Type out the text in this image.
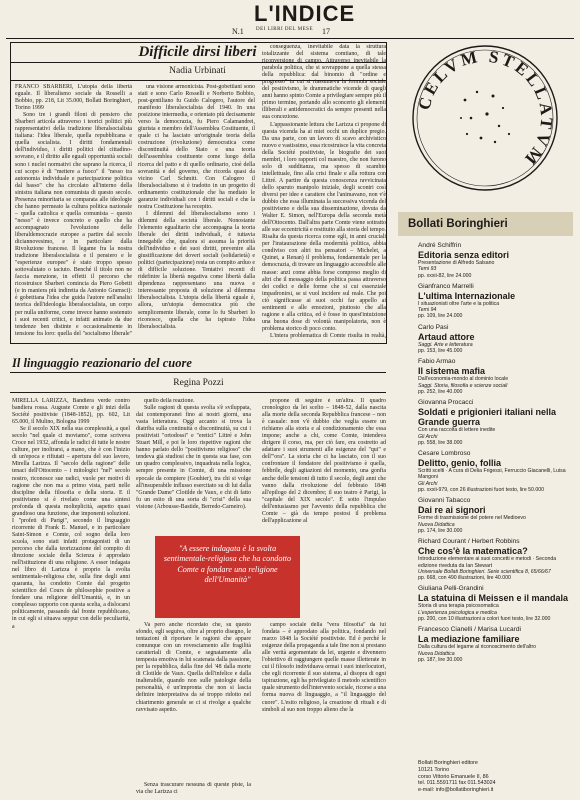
N.1
L'INDICE
DEI LIBRI DEL MESE 17
Difficile dirsi liberi
Nadia Urbinati

FRANCO SBARBERI, L'utopia della libertà eguale. Il liberalismo sociale da Rosselli a Bobbio, pp. 218, Lit 35.000, Bollati Boringhieri, Torino 1999

Sono tre i grandi filoni di pensiero che Sbarberi articola attraverso i teorici politici più rappresentativi della tradizione liberalsocialista italiana: l'idea liberale, quella repubblicana e quella socialista. I diritti fondamentali dell'individuo, i diritti politici del cittadino-sovrano, e il diritto alle eguali opportunità sociali sono i nuclei normativi che saprano la ricerca, il cui scopo è di "mettere a fuoco" il "nesso tra autonomia individuale e partecipazione politica dal basso" che ha circolato all'interno della sinistra italiana non comunista di questo secolo. Presenza minoritaria se comparata alle ideologie che hanno permeato la cultura politica nazionale – quella cattolica e quella comunista – questo "nesso" è invece concreto e quello che ha accompagnato l'evoluzione delle liberaldemocrazie europee a partire dal secolo diciannovesimo, e in particolare dalla Rivoluzione francese. Il legame fra la nostra tradizione liberalsocialista e il pensiero e le "esperienze europee" è stato troppo spesso sottovalutato o taciuto. Benché il titolo non ne faccia menzione, in effetti il percorso che ricostruisce Sbarberi comincia da Piero Gobetti (e in maniera più indiretta da Antonio Gramsci): è gobettiana l'idea che guida l'autore nell'analisi teorica dell'ideologia liberalsocialista, un corpo per nulla uniforme, come invece hanno sostenuto i suoi recenti critici, e infatti animato da due tendenze ben distinte e occasionalmente in tensione fra loro: quella del "socialismo liberale"

una visione armonicista. Post-gobettiani sono stati e sono Carlo Rosselli e Norberto Bobbio, post-gentiliano fu Guido Calogero, l'autore del manifesto liberalsocialista del 1940. In una posizione intermedia, e orientato più decisamente verso la democrazia, fu Piero Calamandrei, giurista e membro dell'Assemblea Costituente, il quale ci ha lasciato un'originale teoria della costruzione (rivoluzione) democratica come discontinuità dello Stato e una teoria dell'assemblea costituente come luogo della ricerca del patto e di quello ordinario, cioè della sovranità e del governo, che ricorda quasi da vicino Carl Schmitt. Con Calogero il liberalsocialismo si è tradotto in un progetto di ordinamento costituzionale che ha mediato le garanzie individuali con i diritti sociali e che la nostra Costituzione ha recepito.

I dilemmi del liberalsocialismo sono i dilemmi della società liberale. Nonostante l'elemento egualitario che accompagna la teoria liberale dei diritti individuali, è tuttavia innegabile che, qualora si assuma la priorità dell'individuo e dei suoi diritti, prevenire alla giustificazione dei doveri sociali (solidarietà) e politici (partecipazione) resta un compito arduo e di difficile soluzione. Tentativi recenti di ridefinire la libertà negativa come libertà dalla dipendenza rappresentano una nuova e interessante proposta di soluzione al dilemma liberalsocialista. L'utopia della libertà eguale è, allora, un'utopia democratica più che semplicemente liberale, come lo fu Sbarberi lo riconosce, quella che ha ispirato l'idea liberalsocialista.

Il linguaggio reazionario del cuore
Regina Pozzi

MIRELLA LARIZZA, Bandiera verde contro bandiera rossa. Auguste Comte e gli inizi della Société positiviste (1848-1852), pp. 602, Lit 65.000, il Mulino, Bologna 1999

Se il secolo XIX nella sua complessità, a quel secolo "nel quale ci moviamo", come scriveva Croce nel 1932, affonda le radici di tutte le nostre culture, per inoltrarsi, a mano, che è con l'inizio di un'epoca e rifiutati – apertura del suo lavoro, Mirella Larizza. Il "secolo della ragione" delle tenaci dell'Ottocento – i mitologici "nel" secolo nostro, riconosce sue radici, vuole per motivi di ragione che non ma a primo vista, parti nelle discipline della filosofia e della storia. E il positivismo si è rivelato come una sintesi profonda di questa molteplicità, aspetto quasi grandioso una funzione, due imponenti soluzioni. I "profeti di Parigi", secondo il linguaggio ricorrente di Frank E. Manuel, e in particolare Saint-Simon e Comte, col sogno della loro scuola, sono stati infatti protagonisti di un percorso che dalla teorizzazione del compito di direzione sociale della Scienza è approdato nell'istituzione di una religione. A esser indagata nel libro di Larizza è proprio la svolta sentimentale-religiosa che, sulla fine degli anni quaranta, ha condotto Comte dal progetto scientifico del Cours de philosophie positive a fondare una religione dell'Umanità, e, in un complesso rapporto con questa scelta, a dislocarsi politicamente, passando dal fronte repubblicano, in cui egli si situava seppur con delle peculiarità, a

quello della reazione.

Sulle ragioni di questa svolta s'è sviluppata, dai contemporanei fino ai nostri giorni, una vasta letteratura. Oggi accanto si trova la diatriba sulla continuità o discontinuità, su cui i positivisti "ortodossi" e "eretici" Littré e John Stuart Mill, e poi le loro rispettive ragioni che hanno parlato dello "positivismo religioso" che tendeva già studiosi che in questa sua fase, con un quadro complessivo, inquadrata nella logica, sempre presente in Comte, di una missione epocale da compiere (Gouhier), tra chi si volge all'insuperabile influsso esercitato su di lui dalla "Grande Dame" Clotilde de Vaux, e chi di fatto fu un esito di una sorta di "crisi" della sua visione (Arbousse-Bastide, Berredo-Carneiro).

Va però anche ricordato che, su questo sfondo, egli seguiva, oltre al proprio disegno, le tentazioni di riportare le ragioni che appare comunque con un rovesciamento alle fragilità caratteriali di Comte, e segnatamente alla tempesta emotiva in lui scatenata dalla passione, per la repubblica, dalla fine del '48 dalla morte di Clotilde de Vaux. Quella dell'infelice e dalla inalterabile, quando non sulle patologie della personalità, è un'impronta che non si lascia definire interpretativa da sé troppo ridotto nel chiarimento generale se ci si rivolge a qualche ravvisato aspetto.

Senza trascurare nessuna di queste piste, la via che Larizza ci

propone di seguire è un'altra. Il quadro cronologico da lei scelto – 1848-52, dalla nascita alla morte della seconda Repubblica francese – non è casuale: non v'è dubbio che veglia essere un richiamo alla storia e al condizionamento che essa impone; anche a chi, come Comte, intendeva dirigere il corso, ma, per ciò fare, era costretto ad adattare i suoi strumenti alle esigenze del "qui" e dell'"ora". La storia che ci ha lasciato, con il suo confrontare il fondatore del positivismo è quella, febbrile, degli agitazioni del momento, una gonfia anche delle tensioni di tutto il secolo, degli anni che vanno dalla rivoluzione del febbraio 1848 all'epilogo del 2 dicembre; il suo teatro è Parigi, la "capitale del XIX secolo". È sotto l'impulso dell'entusiasmo per l'avvento della repubblica che Comte – già da tempo postosi il problema dell'applicazione al

campo sociale della "vera filosofia" da lui fondata – è approdato alla politica, fondando nel marzo 1848 la Société positiviste. Ed è perché le esigenze della propaganda a tale fine non si prestano alle verità argomentate da lei, urgente e divennero l'obiettivo di raggiungere quelle masse illetterate in cui il filosofo individuava ormai i suoi interlocutori, che egli ricorrente il suo sistema, al disopra di ogni ispirazione, egli ha privilegiato il metodo scientifico quale strumento dell'intervento sociale, ricorse a una forma nuova di linguaggio, a "il linguaggio del cuore". L'esito religioso, la creazione di rituali e di simboli al suo non troppo alieno che la

conseguenza, inevitabile data la struttura totalizzante del sistema comtiano, di tale riconversione di campo. Attraverso inevitabile la parabola politica, che si sovrappone a quella stessa della repubblica: dal binomio di "ordine e progresso" in cui si riassumeva la formula sociale del positivismo, le drammatiche vicende di quegli anni hanno spinto Comte a privilegiare sempre più il primo termine, portando allo sconcerto gli elementi illiberali e antidemocratici da sempre presenti nella sua concezione.

L'appassionante lettura che Larizza ci propone di questa vicenda ha ai miei occhi un duplice pregio. Da una parte, con un lavoro di scavo archivistico nuovo e vastissimo, essa ricostruisce la vita concreta della Société positiviste, le biografie dei suoi membri, i loro rapporti col maestro, che non furono solo di sudditanza, ma spesso di scambio intellettuale, fino alla crisi finale e alla rottura con Littré. A partire da questa conoscenza ravvicinata dello sparuto manipolo iniziale, degli scontri così diversi per idee e carattere che l'animavano, non v'è dubbio che essa illuminata la successiva vicenda del positivismo e della sua disseminazione, dovuta da Walter E. Simon, nell'Europa della seconda metà dell'Ottocento. Dall'altra parte Comte viene sottratto alle sue eccentricità e restituito alla storia del tempo. Risalta da questa ricerca come egli, in anni cruciali per l'instaurazione della modernità politica, abbia condiviso con altri tra pensatori – Michelet, a Quinet, a Renan) il problema, fondamentale per la democrazia, di trovare un linguaggio accessibile alle masse: anzi come abbia forse compreso meglio di altri che il messaggio della politica passa attraverso dei codici e delle forme che si cui essenziale impadronirsi, se si vuol incidere sul reale. Che poi ciò significasse ai suoi occhi far appello ai sentimenti e alle emozioni, piuttosto che alla ragione e alla critica, ed è fosse in quest'intuizione una buona dose di volontà manipolatoria, non è problema storico di poco conto.

L'intera problematica di Comte risulta in realtà,

"A essere indagata è la svolta sentimentale-religiosa che ha condotto Comte a fondare una religione dell'Umanità"
CELVM STELLATVM
Bollati Boringhieri
André Schiffrin
Editoria senza editori
Presentazione di Alfredo Salsano
Temi 93
pp. xxxii-82, lire 24.000
Gianfranco Marrelli
L'ultima Internazionale
I situazionisti oltre l'arte e la politica
Temi 94
pp. 109, lire 24.000
Carlo Pasi
Artaud attore
Saggi. Arte e letteratura
pp. 153, lire 45.000
Fabio Armao
Il sistema mafia
Dall'economia-mondo al dominio locale
Saggi. Storia, filosofia e scienze sociali
pp. 252, lire 40.000
Giovanna Procacci
Soldati e prigionieri italiani nella Grande guerra
Con una raccolta di lettere inedite
Gli Archi
pp. 558, lire 38.000
Cesare Lombroso
Delitto, genio, follia
Scritti scelti · A cura di Delia Frigessi, Ferruccio Giacanelli, Luisa Mangoni
Gli Archi
pp. xxxii-979, con 26 illustrazioni fuori testo, lire 50.000
Giovanni Tabacco
Dai re ai signori
Forme di trasmissione del potere nel Medioevo
Nuova Didattica
pp. 174, lire 30.000
Richard Courant / Herbert Robbins
Che cos'è la matematica?
Introduzione elementare ai suoi concetti e metodi · Seconda edizione riveduta da Ian Stewart
Universale Bollati Boringhieri. Serie scientifica 8, 65/66/67
pp. 668, con 490 illustrazioni, lire 40.000
Giuliana Pelli-Grandini
La statuina di Meissen e il mandala
Storia di una terapia psicosomatica
L'esperienza psicologica e medica
pp. 200, con 10 illustrazioni a colori fuori testo, lire 32.000
Francesco Cianelli / Marisa Lucardi
La mediazione familiare
Dalla cultura del legame al riconoscimento dell'altro
Nuova Didattica
pp. 187, lire 30.000
Bollati Boringhieri editore
10121 Torino
corso Vittorio Emanuele II, 86
tel. 011.5591711 fax 011.543024
e-mail: info@bollatiboringhieri.it
